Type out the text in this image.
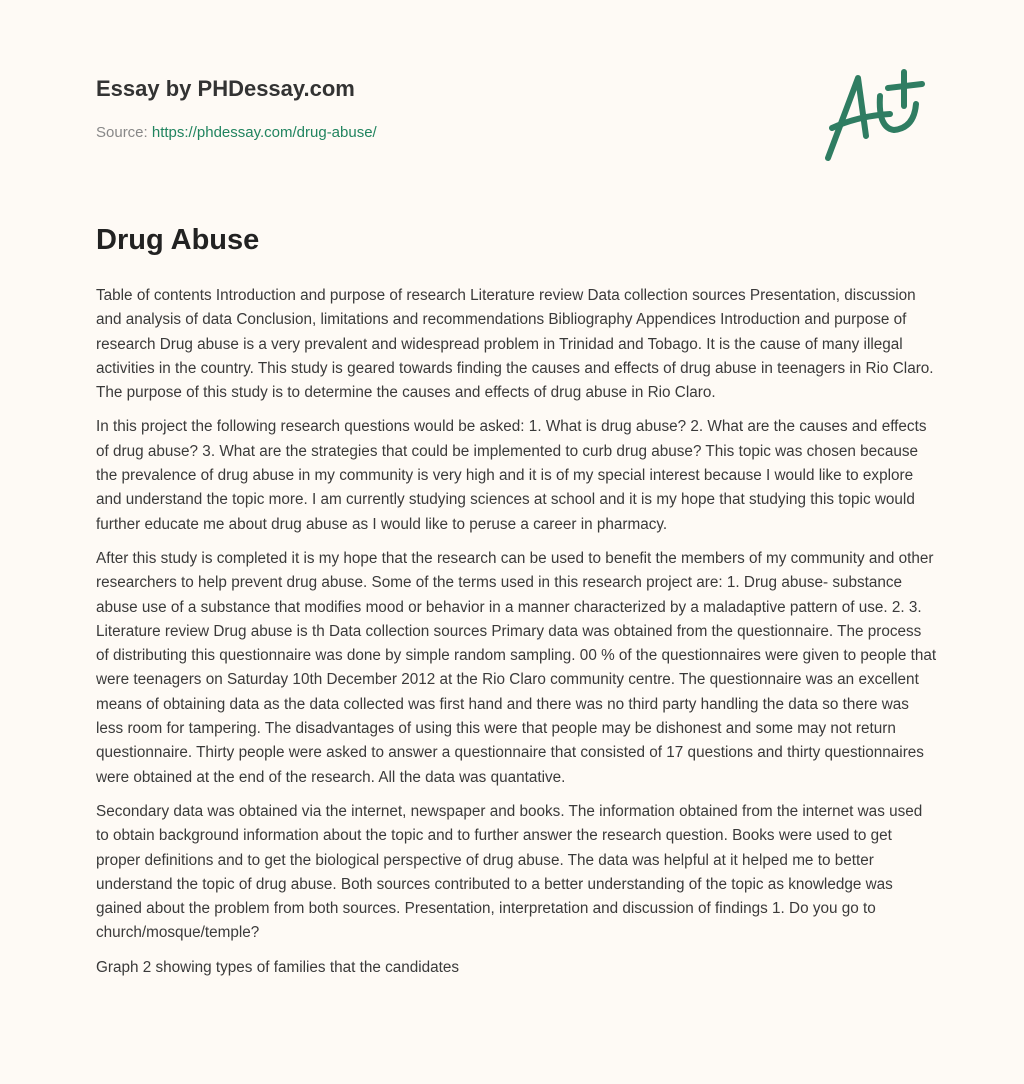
Essay by PHDessay.com
Source: https://phdessay.com/drug-abuse/
Drug Abuse

Table of contents Introduction and purpose of research Literature review Data collection sources Presentation, discussion and analysis of data Conclusion, limitations and recommendations Bibliography Appendices Introduction and purpose of research Drug abuse is a very prevalent and widespread problem in Trinidad and Tobago. It is the cause of many illegal activities in the country. This study is geared towards finding the causes and effects of drug abuse in teenagers in Rio Claro. The purpose of this study is to determine the causes and effects of drug abuse in Rio Claro.

In this project the following research questions would be asked: 1. What is drug abuse? 2. What are the causes and effects of drug abuse? 3. What are the strategies that could be implemented to curb drug abuse? This topic was chosen because the prevalence of drug abuse in my community is very high and it is of my special interest because I would like to explore and understand the topic more. I am currently studying sciences at school and it is my hope that studying this topic would further educate me about drug abuse as I would like to peruse a career in pharmacy.

After this study is completed it is my hope that the research can be used to benefit the members of my community and other researchers to help prevent drug abuse. Some of the terms used in this research project are: 1. Drug abuse- substance abuse use of a substance that modifies mood or behavior in a manner characterized by a maladaptive pattern of use. 2. 3. Literature review Drug abuse is th Data collection sources Primary data was obtained from the questionnaire. The process of distributing this questionnaire was done by simple random sampling. 00 % of the questionnaires were given to people that were teenagers on Saturday 10th December 2012 at the Rio Claro community centre. The questionnaire was an excellent means of obtaining data as the data collected was first hand and there was no third party handling the data so there was less room for tampering. The disadvantages of using this were that people may be dishonest and some may not return questionnaire. Thirty people were asked to answer a questionnaire that consisted of 17 questions and thirty questionnaires were obtained at the end of the research. All the data was quantative.

Secondary data was obtained via the internet, newspaper and books. The information obtained from the internet was used to obtain background information about the topic and to further answer the research question. Books were used to get proper definitions and to get the biological perspective of drug abuse. The data was helpful at it helped me to better understand the topic of drug abuse. Both sources contributed to a better understanding of the topic as knowledge was gained about the problem from both sources. Presentation, interpretation and discussion of findings 1. Do you go to church/mosque/temple?

Graph 2 showing types of families that the candidates
